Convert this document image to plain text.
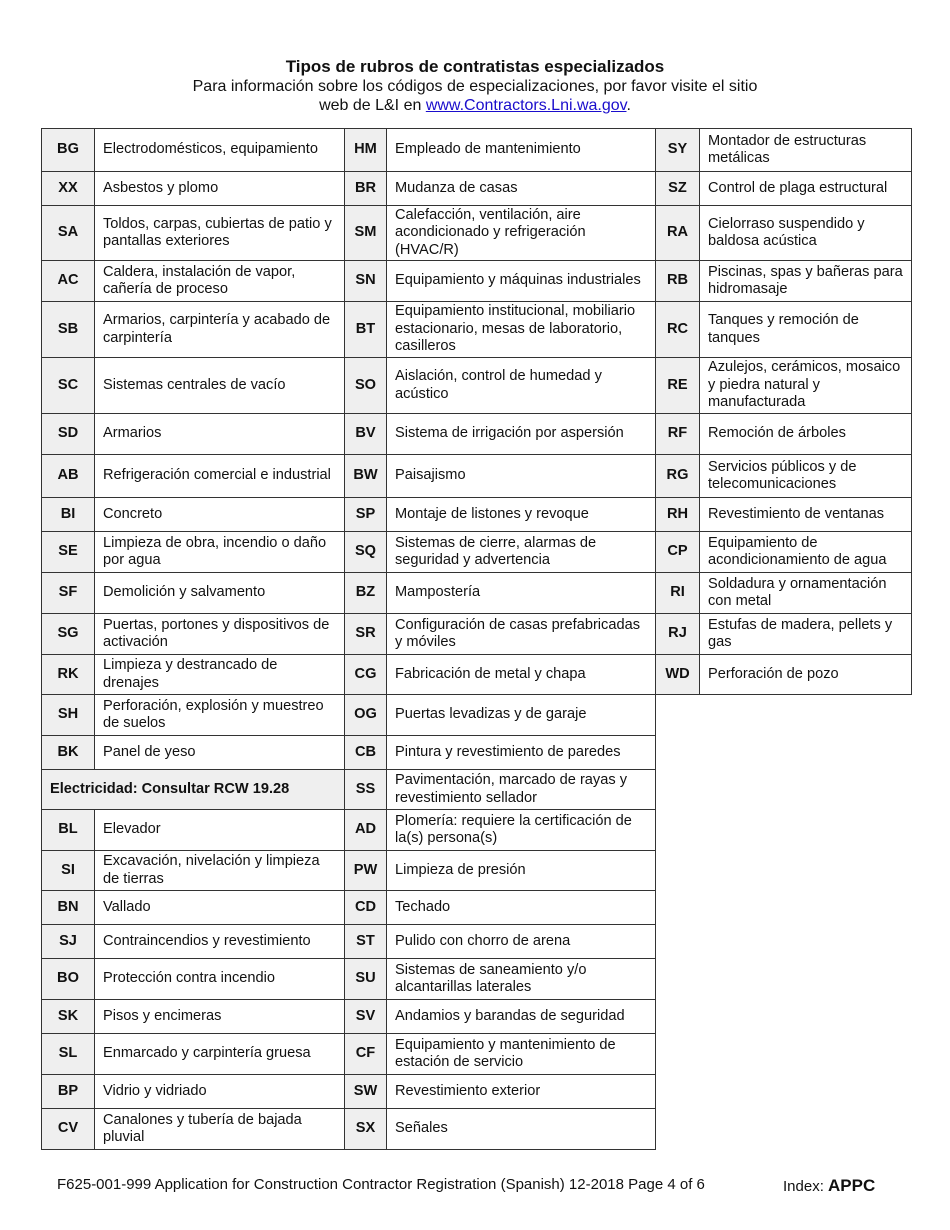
Tipos de rubros de contratistas especializados
Para información sobre los códigos de especializaciones, por favor visite el sitio
web de L&I en www.Contractors.Lni.wa.gov.
BG	Electrodomésticos, equipamiento	HM	Empleado de mantenimiento	SY	Montador de estructuras metálicas
XX	Asbestos y plomo	BR	Mudanza de casas	SZ	Control de plaga estructural
SA	Toldos, carpas, cubiertas de patio y pantallas exteriores	SM	Calefacción, ventilación, aire acondicionado y refrigeración (HVAC/R)	RA	Cielorraso suspendido y baldosa acústica
AC	Caldera, instalación de vapor, cañería de proceso	SN	Equipamiento y máquinas industriales	RB	Piscinas, spas y bañeras para hidromasaje
SB	Armarios, carpintería y acabado de carpintería	BT	Equipamiento institucional, mobiliario estacionario, mesas de laboratorio, casilleros	RC	Tanques y remoción de tanques
SC	Sistemas centrales de vacío	SO	Aislación, control de humedad y acústico	RE	Azulejos, cerámicos, mosaico y piedra natural y manufacturada
SD	Armarios	BV	Sistema de irrigación por aspersión	RF	Remoción de árboles
AB	Refrigeración comercial e industrial	BW	Paisajismo	RG	Servicios públicos y de telecomunicaciones
BI	Concreto	SP	Montaje de listones y revoque	RH	Revestimiento de ventanas
SE	Limpieza de obra, incendio o daño por agua	SQ	Sistemas de cierre, alarmas de seguridad y advertencia	CP	Equipamiento de acondicionamiento de agua
SF	Demolición y salvamento	BZ	Mampostería	RI	Soldadura y ornamentación con metal
SG	Puertas, portones y dispositivos de activación	SR	Configuración de casas prefabricadas y móviles	RJ	Estufas de madera, pellets y gas
RK	Limpieza y destrancado de drenajes	CG	Fabricación de metal y chapa	WD	Perforación de pozo
SH	Perforación, explosión y muestreo de suelos	OG	Puertas levadizas y de garaje		
BK	Panel de yeso	CB	Pintura y revestimiento de paredes		
Electricidad: Consultar RCW 19.28		SS	Pavimentación, marcado de rayas y revestimiento sellador		
BL	Elevador	AD	Plomería: requiere la certificación de la(s) persona(s)		
SI	Excavación, nivelación y limpieza de tierras	PW	Limpieza de presión		
BN	Vallado	CD	Techado		
SJ	Contraincendios y revestimiento	ST	Pulido con chorro de arena		
BO	Protección contra incendio	SU	Sistemas de saneamiento y/o alcantarillas laterales		
SK	Pisos y encimeras	SV	Andamios y barandas de seguridad		
SL	Enmarcado y carpintería gruesa	CF	Equipamiento y mantenimiento de estación de servicio		
BP	Vidrio y vidriado	SW	Revestimiento exterior		
CV	Canalones y tubería de bajada pluvial	SX	Señales		
F625-001-999 Application for Construction Contractor Registration (Spanish) 12-2018 Page 4 of 6	Index: APPC
